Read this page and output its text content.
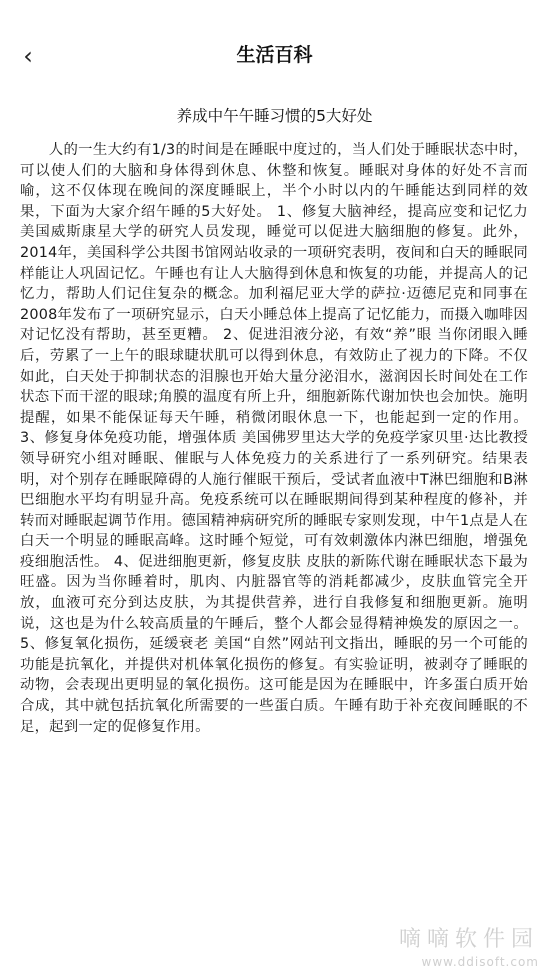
‹	生活百科
养成中午午睡习惯的5大好处
人的一生大约有1/3的时间是在睡眠中度过的，当人们处于睡眠状态中时，可以使人们的大脑和身体得到休息、休整和恢复。睡眠对身体的好处不言而喻，这不仅体现在晚间的深度睡眠上，半个小时以内的午睡能达到同样的效果，下面为大家介绍午睡的5大好处。 1、修复大脑神经，提高应变和记忆力 美国威斯康星大学的研究人员发现，睡觉可以促进大脑细胞的修复。此外，2014年，美国科学公共图书馆网站收录的一项研究表明，夜间和白天的睡眠同样能让人巩固记忆。午睡也有让人大脑得到休息和恢复的功能，并提高人的记忆力，帮助人们记住复杂的概念。加利福尼亚大学的萨拉·迈德尼克和同事在2008年发布了一项研究显示，白天小睡总体上提高了记忆能力，而摄入咖啡因对记忆没有帮助，甚至更糟。 2、促进泪液分泌，有效“养”眼 当你闭眼入睡后，劳累了一上午的眼球睫状肌可以得到休息，有效防止了视力的下降。不仅如此，白天处于抑制状态的泪腺也开始大量分泌泪水，滋润因长时间处在工作状态下而干涩的眼球;角膜的温度有所上升，细胞新陈代谢加快也会加快。施明提醒，如果不能保证每天午睡，稍微闭眼休息一下，也能起到一定的作用。 3、修复身体免疫功能，增强体质 美国佛罗里达大学的免疫学家贝里·达比教授领导研究小组对睡眠、催眠与人体免疫力的关系进行了一系列研究。结果表明，对个别存在睡眠障碍的人施行催眠干预后，受试者血液中T淋巴细胞和B淋巴细胞水平均有明显升高。免疫系统可以在睡眠期间得到某种程度的修补，并转而对睡眠起调节作用。德国精神病研究所的睡眠专家则发现，中午1点是人在白天一个明显的睡眠高峰。这时睡个短觉，可有效刺激体内淋巴细胞，增强免疫细胞活性。 4、促进细胞更新，修复皮肤 皮肤的新陈代谢在睡眠状态下最为旺盛。因为当你睡着时，肌肉、内脏器官等的消耗都减少，皮肤血管完全开放，血液可充分到达皮肤，为其提供营养，进行自我修复和细胞更新。施明说，这也是为什么较高质量的午睡后，整个人都会显得精神焕发的原因之一。 5、修复氧化损伤，延缓衰老 美国“自然”网站刊文指出，睡眠的另一个可能的功能是抗氧化，并提供对机体氧化损伤的修复。有实验证明，被剥夺了睡眠的动物，会表现出更明显的氧化损伤。这可能是因为在睡眠中，许多蛋白质开始合成，其中就包括抗氧化所需要的一些蛋白质。午睡有助于补充夜间睡眠的不足，起到一定的促修复作用。
嘀嘀软件园
www.ddisoft.com
